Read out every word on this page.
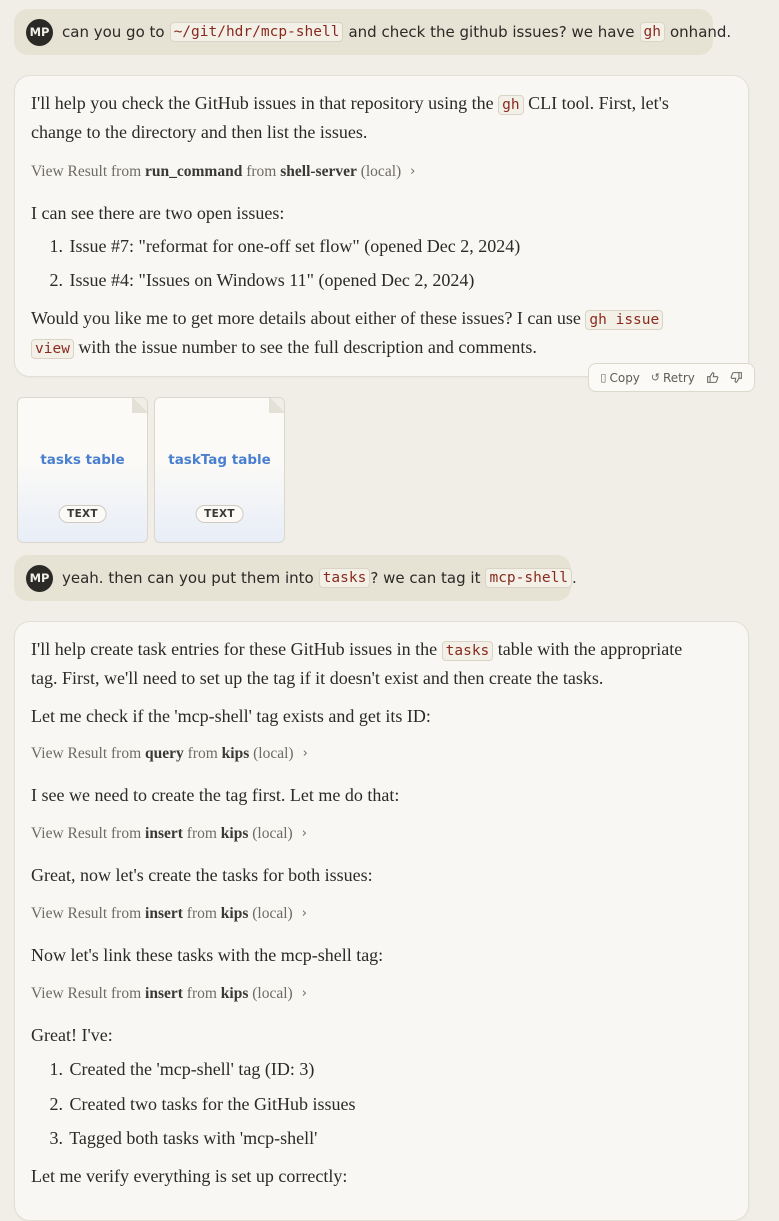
MP can you go to ~/git/hdr/mcp-shell and check the github issues? we have gh onhand.
I'll help you check the GitHub issues in that repository using the gh CLI tool. First, let's
change to the directory and then list the issues.
View Result from
run_command
from
shell-server
(local) ›
I can see there are two open issues:
1. Issue #7: "reformat for one-off set flow" (opened Dec 2, 2024)
2. Issue #4: "Issues on Windows 11" (opened Dec 2, 2024)
Would you like me to get more details about either of these issues? I can use gh issue
view with the issue number to see the full description and comments.
▯ Copy ↺ Retry
tasks table
TEXT
taskTag table
TEXT
MP yeah. then can you put them into tasks ? we can tag it mcp-shell .
I'll help create task entries for these GitHub issues in the tasks table with the appropriate
tag. First, we'll need to set up the tag if it doesn't exist and then create the tasks.
Let me check if the 'mcp-shell' tag exists and get its ID:
View Result from
query
from
kips
(local) ›
I see we need to create the tag first. Let me do that:
View Result from
insert
from
kips
(local) ›
Great, now let's create the tasks for both issues:
View Result from
insert
from
kips
(local) ›
Now let's link these tasks with the mcp-shell tag:
View Result from
insert
from
kips
(local) ›
Great! I've:
1. Created the 'mcp-shell' tag (ID: 3)
2. Created two tasks for the GitHub issues
3. Tagged both tasks with 'mcp-shell'
Let me verify everything is set up correctly:
